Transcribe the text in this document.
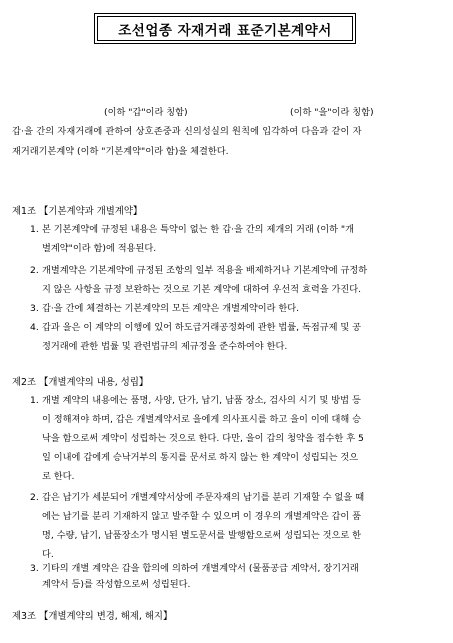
조선업종 자재거래 표준기본계약서
(이하 "갑"이라 칭함)	(이하 "을"이라 칭함)
갑·을 간의 자재거래에 관하여 상호존중과 신의성실의 원칙에 입각하여 다음과 같이 자
재거래기본계약 (이하 "기본계약"이라 함)을 체결한다.
제1조 【기본계약과 개별계약】
1. 본 기본계약에 규정된 내용은 특약이 없는 한 갑·을 간의 제개의 거래 (이하 "개
별계약"이라 함)에 적용된다.
2. 개별계약은 기본계약에 규정된 조항의 일부 적용을 배제하거나 기본계약에 규정하
지 않은 사항을 규정 보완하는 것으로 기본 계약에 대하여 우선적 효력을 가진다.
3. 갑·을 간에 체결하는 기본계약의 모든 계약은 개별계약이라 한다.
4. 갑과 을은 이 계약의 이행에 있어 하도급거래공정화에 관한 법률, 독점규제 및 공
정거래에 관한 법률 및 관련법규의 제규정을 준수하여야 한다.
제2조 【개별계약의 내용, 성립】
1. 개별 계약의 내용에는 품명, 사양, 단가, 납기, 납품 장소, 검사의 시기 및 방법 등
이 정해져야 하며, 갑은 개별계약서로 을에게 의사표시를 하고 을이 이에 대해 승
낙을 함으로써 계약이 성립하는 것으로 한다. 다만, 을이 갑의 청약을 접수한 후 5
일 이내에 갑에게 승낙거부의 통지를 문서로 하지 않는 한 계약이 성립되는 것으
로 한다.
2. 갑은 납기가 세분되어 개별계약서상에 주문자재의 납기를 분리 기재할 수 없을 때
에는 납기를 분리 기재하지 않고 발주할 수 있으며 이 경우의 개별계약은 갑이 품
명, 수량, 납기, 납품장소가 명시된 별도문서를 발행함으로써 성립되는 것으로 한
다.
3. 기타의 개별 계약은 갑을 합의에 의하여 개별계약서 (물품공급 계약서, 장기거래
계약서 등)를 작성함으로써 성립된다.
제3조 【개별계약의 변경, 해제, 해지】
